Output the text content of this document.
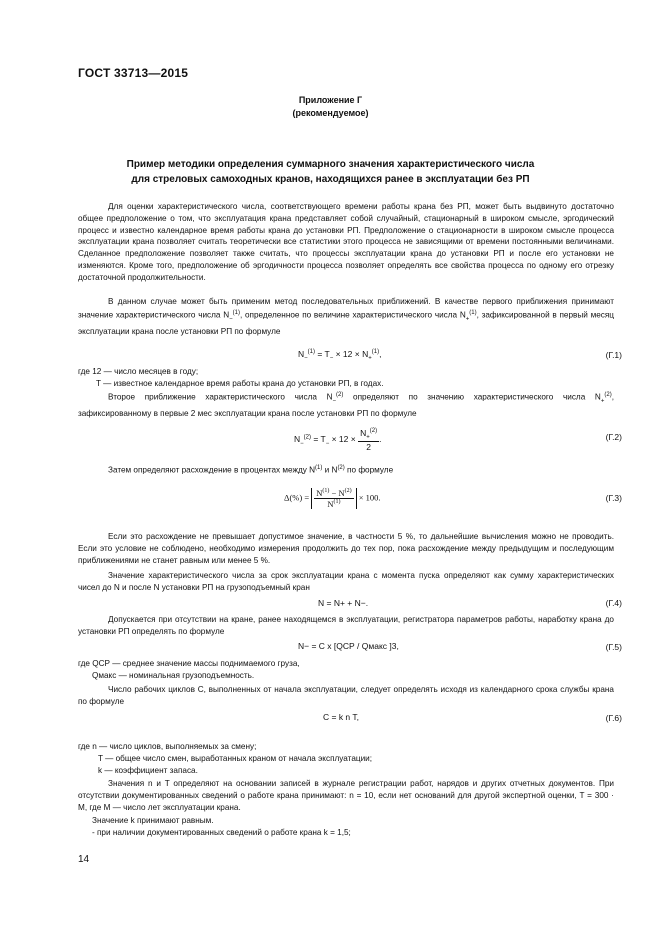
ГОСТ 33713—2015
Приложение Г
(рекомендуемое)
Пример методики определения суммарного значения характеристического числа
для стреловых самоходных кранов, находящихся ранее в эксплуатации без РП
Для оценки характеристического числа, соответствующего времени работы крана без РП, может быть выдвинуто достаточно общее предположение о том, что эксплуатация крана представляет собой случайный, стационарный в широком смысле, эргодический процесс и известно календарное время работы крана до установки РП. Предположение о стационарности в широком смысле процесса эксплуатации крана позволяет считать теоретически все статистики этого процесса не зависящими от времени постоянными величинами. Сделанное предположение позволяет также считать, что процессы эксплуатации крана до установки РП и после его установки не изменяются. Кроме того, предположение об эргодичности процесса позволяет определять все свойства процесса по одному его отрезку достаточной продолжительности.
В данном случае может быть применим метод последовательных приближений. В качестве первого приближения принимают значение характеристического числа $N_-^{(1)}$, определенное по величине характеристического числа $N_+^{(1)}$, зафиксированной в первый месяц эксплуатации крана после установки РП по формуле
$N_-^{(1)} = T_- \times 12 \times N_+^{(1)}$,	(Г.1)
где 12 — число месяцев в году;
T — известное календарное время работы крана до установки РП, в годах.
Второе приближение характеристического числа $N_-^{(2)}$ определяют по значению характеристического числа $N_+^{(2)}$, зафиксированному в первые 2 мес эксплуатации крана после установки РП по формуле
$N_-^{(2)} = T_- \times 12 \times \frac{N_+^{(2)}}{2}$ .	(Г.2)
Затем определяют расхождение в процентах между $N^{(1)}$ и $N^{(2)}$ по формуле
$\Delta(\%) = \frac{N^{(1)} - N^{(2)}}{N^{(1)}} \times 100$.	(Г.3)
Если это расхождение не превышает допустимое значение, в частности 5 %, то дальнейшие вычисления можно не проводить. Если это условие не соблюдено, необходимо измерения продолжить до тех пор, пока расхождение между предыдущим и последующим приближениями не станет равным или менее 5 %.
Значение характеристического числа за срок эксплуатации крана с момента пуска определяют как сумму характеристических чисел до N и после N установки РП на грузоподъемный кран
N = N+ + N−.	(Г.4)
Допускается при отсутствии на кране, ранее находящемся в эксплуатации, регистратора параметров работы, наработку крана до установки РП определять по формуле
N− = C x [QСР / Qмакс ]3,	(Г.5)
где QСР — среднее значение массы поднимаемого груза,
Qмакс — номинальная грузоподъемность.
Число рабочих циклов C, выполненных от начала эксплуатации, следует определять исходя из календарного срока службы крана по формуле
C = k n T,	(Г.6)
где n — число циклов, выполняемых за смену;
T — общее число смен, выработанных краном от начала эксплуатации;
k — коэффициент запаса.
Значения n и T определяют на основании записей в журнале регистрации работ, нарядов и других отчетных документов. При отсутствии документированных сведений о работе крана принимают: n = 10, если нет оснований для другой экспертной оценки, T = 300 · M, где M — число лет эксплуатации крана.
Значение k принимают равным.
- при наличии документированных сведений о работе крана k = 1,5;
14
